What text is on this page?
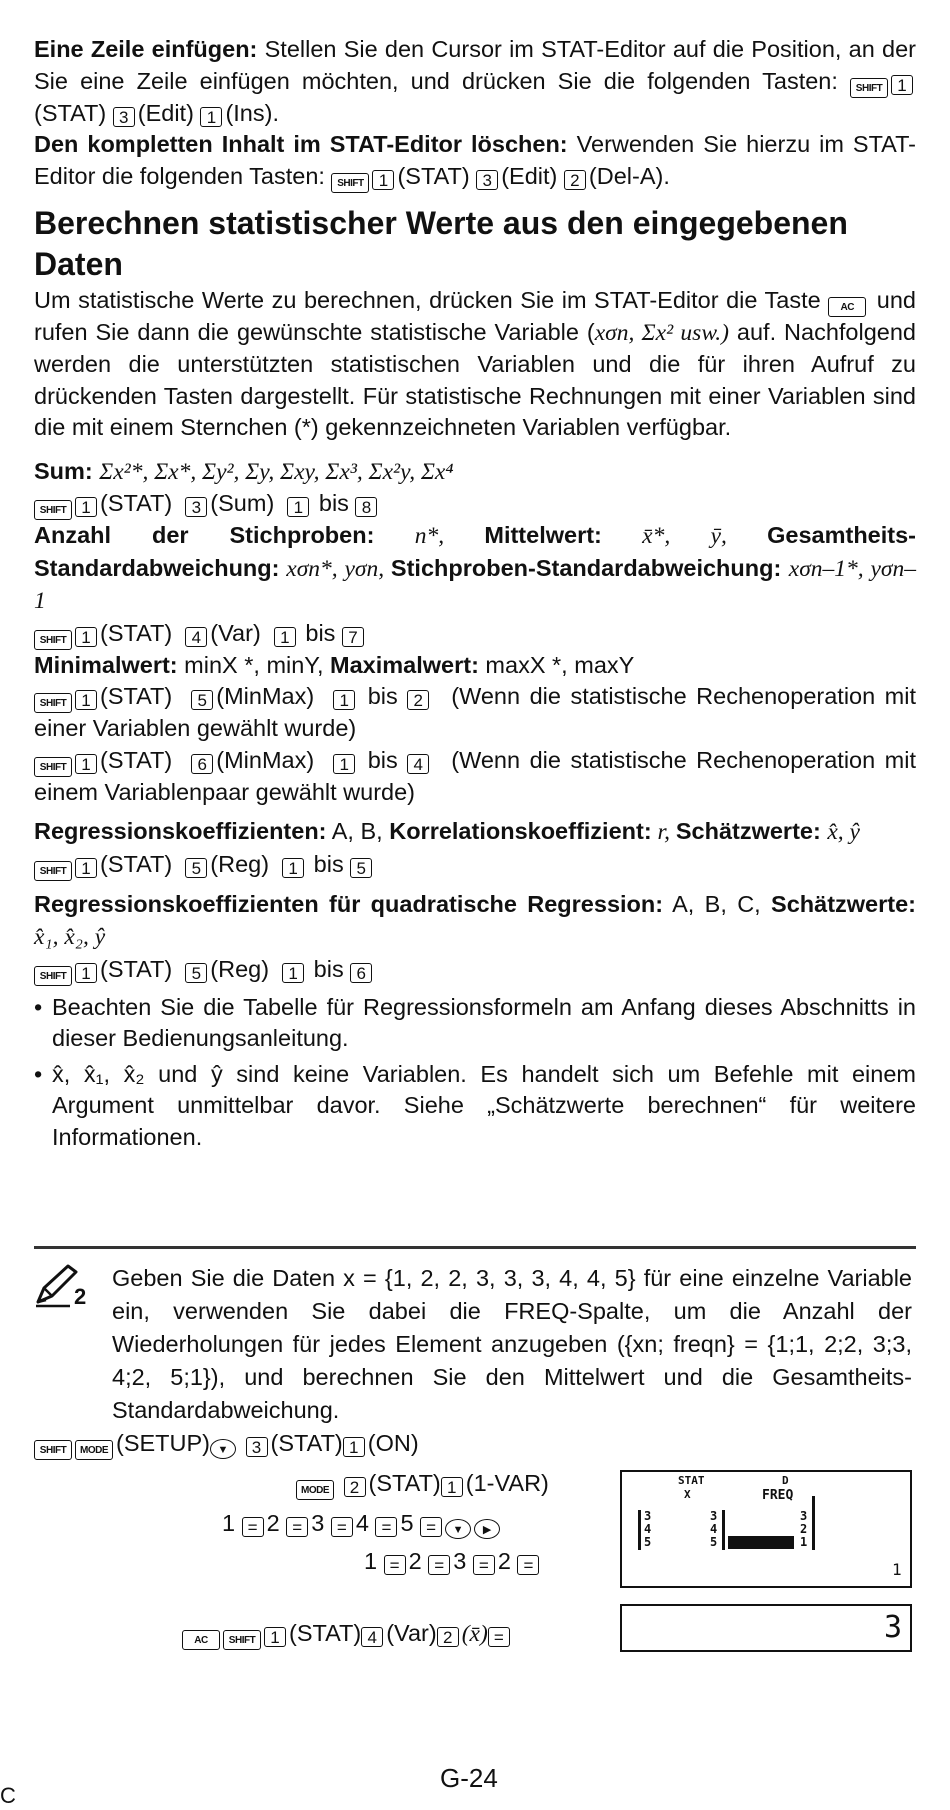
Eine Zeile einfügen: Stellen Sie den Cursor im STAT-Editor auf die Position, an der Sie eine Zeile einfügen möchten, und drücken Sie die folgenden Tasten: SHIFT 1(STAT) 3 (Edit) 1 (Ins).

Den kompletten Inhalt im STAT-Editor löschen: Verwenden Sie hierzu im STAT-Editor die folgenden Tasten: SHIFT 1 (STAT) 3 (Edit) 2 (Del-A).

Berechnen statistischer Werte aus den eingegebenen Daten

Um statistische Werte zu berechnen, drücken Sie im STAT-Editor die Taste AC und rufen Sie dann die gewünschte statistische Variable (xσn, Σx² usw.) auf. Nachfolgend werden die unterstützten statistischen Variablen und die für ihren Aufruf zu drückenden Tasten dargestellt. Für statistische Rechnungen mit einer Variablen sind die mit einem Sternchen (*) gekennzeichneten Variablen verfügbar.

Sum: Σx²*, Σx*, Σy², Σy, Σxy, Σx³, Σx²y, Σx⁴

SHIFT 1 (STAT) 3 (Sum) 1 bis 8

Anzahl der Stichproben: n*, Mittelwert: x̄*, ȳ, Gesamtheits-Standardabweichung: xσn*, yσn, Stichproben-Standardabweichung: xσn–1*, yσn–1

SHIFT 1 (STAT) 4 (Var) 1 bis 7

Minimalwert: minX *, minY, Maximalwert: maxX *, maxY

SHIFT 1 (STAT) 5 (MinMax) 1 bis 2 (Wenn die statistische Rechenoperation mit einer Variablen gewählt wurde)

SHIFT 1 (STAT) 6 (MinMax) 1 bis 4 (Wenn die statistische Rechenoperation mit einem Variablenpaar gewählt wurde)

Regressionskoeffizienten: A, B, Korrelationskoeffizient: r, Schätzwerte: x̂, ŷ

SHIFT 1 (STAT) 5 (Reg) 1 bis 5

Regressionskoeffizienten für quadratische Regression: A, B, C, Schätzwerte: x̂₁, x̂₂, ŷ

SHIFT 1 (STAT) 5 (Reg) 1 bis 6

• Beachten Sie die Tabelle für Regressionsformeln am Anfang dieses Abschnitts in dieser Bedienungsanleitung.
• x̂, x̂₁, x̂₂ und ŷ sind keine Variablen. Es handelt sich um Befehle mit einem Argument unmittelbar davor. Siehe „Schätzwerte berechnen“ für weitere Informationen.
2

Geben Sie die Daten x = {1, 2, 2, 3, 3, 3, 4, 4, 5} für eine einzelne Variable ein, verwenden Sie dabei die FREQ-Spalte, um die Anzahl der Wiederholungen für jedes Element anzugeben ({xn; freqn} = {1;1, 2;2, 3;3, 4;2, 5;1}), und berechnen Sie den Mittelwert und die Gesamtheits-Standardabweichung.

SHIFT MODE (SETUP) ▼ 3 (STAT) 1 (ON)
MODE 2 (STAT) 1 (1-VAR)
1 = 2 = 3 = 4 = 5 = ▼ ▶
1 = 2 = 3 = 2 =
AC SHIFT 1 (STAT) 4 (Var) 2 (x̄) =
STAT	D
X	FREQ
3
4
5
3
4
5
3
2
1
1
3
C
G-24
